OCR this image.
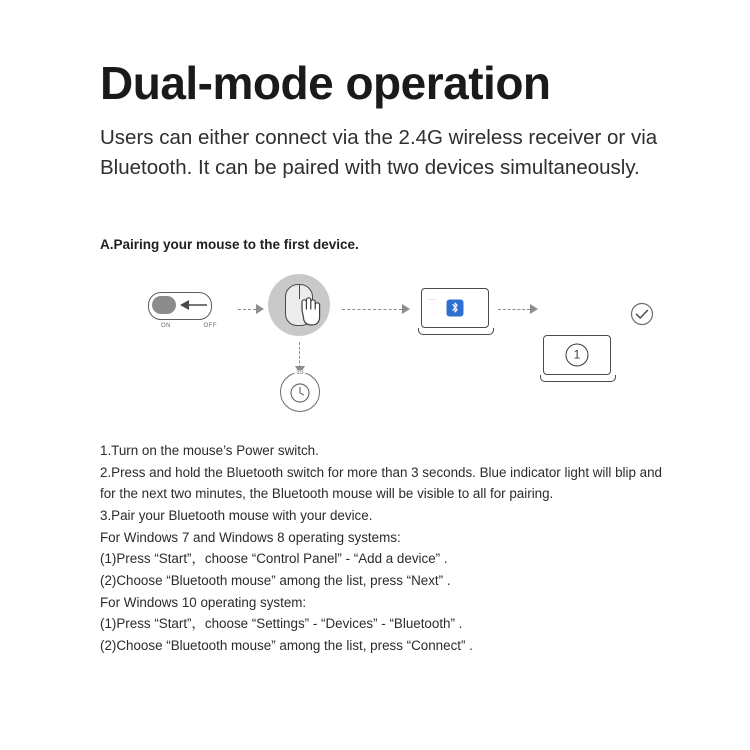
Dual-mode operation

Users can either connect via the 2.4G wireless receiver or via Bluetooth. It can be paired with two devices simultaneously.

A.Pairing your mouse to the first device.
ON	OFF
3S
...
1

1.Turn on the mouse’s Power switch.

2.Press and hold the Bluetooth switch for more than 3 seconds. Blue indicator light will blip and for the next two minutes, the Bluetooth mouse will be visible to all for pairing.

3.Pair your Bluetooth mouse with your device.

For Windows 7 and Windows 8 operating systems:

(1)Press “Start”，choose “Control Panel” - “Add a device” .

(2)Choose “Bluetooth mouse” among the list, press “Next” .

For Windows 10 operating system:

(1)Press “Start”，choose “Settings” - “Devices” - “Bluetooth” .

(2)Choose “Bluetooth mouse” among the list, press “Connect” .
